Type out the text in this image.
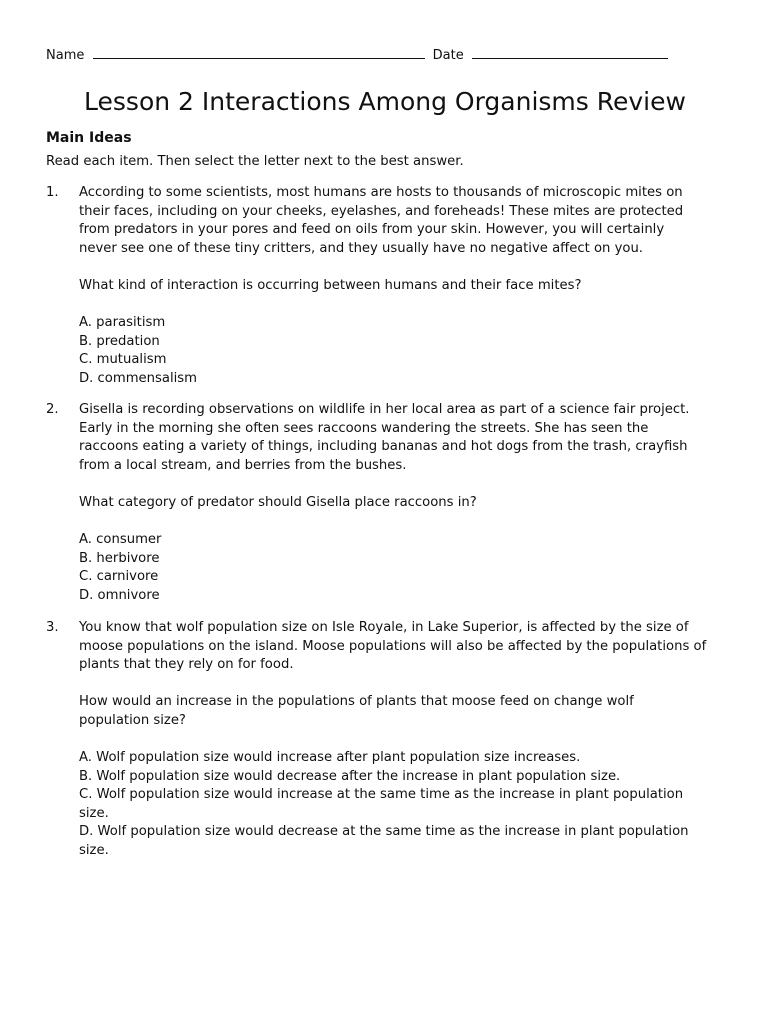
Name	Date
Lesson 2 Interactions Among Organisms Review
Main Ideas
Read each item. Then select the letter next to the best answer.
1.	According to some scientists, most humans are hosts to thousands of microscopic mites on

their faces, including on your cheeks, eyelashes, and foreheads! These mites are protected

from predators in your pores and feed on oils from your skin. However, you will certainly

never see one of these tiny critters, and they usually have no negative affect on you.

What kind of interaction is occurring between humans and their face mites?

A. parasitism
B. predation
C. mutualism
D. commensalism
2.	Gisella is recording observations on wildlife in her local area as part of a science fair project.

Early in the morning she often sees raccoons wandering the streets. She has seen the

raccoons eating a variety of things, including bananas and hot dogs from the trash, crayfish

from a local stream, and berries from the bushes.

What category of predator should Gisella place raccoons in?

A. consumer
B. herbivore
C. carnivore
D. omnivore
3.	You know that wolf population size on Isle Royale, in Lake Superior, is affected by the size of

moose populations on the island. Moose populations will also be affected by the populations of

plants that they rely on for food.

How would an increase in the populations of plants that moose feed on change wolf

population size?

A. Wolf population size would increase after plant population size increases.
B. Wolf population size would decrease after the increase in plant population size.
C. Wolf population size would increase at the same time as the increase in plant population
size.
D. Wolf population size would decrease at the same time as the increase in plant population
size.
